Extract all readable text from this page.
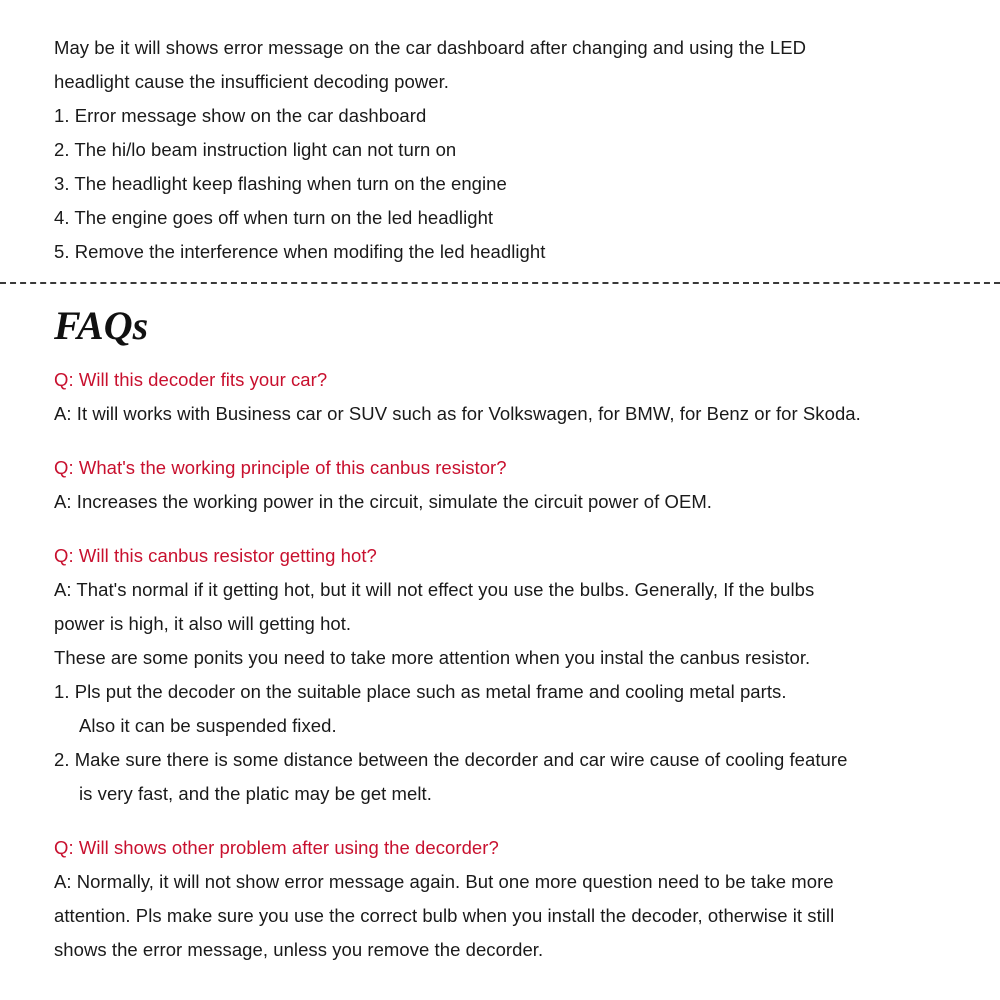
May be it will shows error message on the car dashboard after changing and using the LED
headlight cause the insufficient decoding power.
1. Error message show on the car dashboard
2. The hi/lo beam instruction light can not turn on
3. The headlight keep flashing when turn on the engine
4. The engine goes off when turn on the led headlight
5. Remove the interference when modifing the led headlight
FAQs
Q: Will this decoder fits your car?
A: It will works with Business car or SUV such as for Volkswagen, for BMW, for Benz or for Skoda.
Q: What's the working principle of this canbus resistor?
A: Increases the working power in the circuit, simulate the circuit power of OEM.
Q: Will this canbus resistor getting hot?
A: That's normal if it getting hot, but it will not effect you use the bulbs. Generally, If the bulbs
power is high, it also will getting hot.
These are some ponits you need to take more attention when you instal the canbus resistor.
1. Pls put the decoder on the suitable place such as metal frame and cooling metal parts.
Also it can be suspended fixed.
2. Make sure there is some distance between the decorder and car wire cause of cooling feature
is very fast, and the platic may be get melt.
Q: Will shows other problem after using the decorder?
A: Normally, it will not show error message again. But one more question need to be take more
attention. Pls make sure you use the correct bulb when you install the decoder, otherwise it still
shows the error message, unless you remove the decorder.
